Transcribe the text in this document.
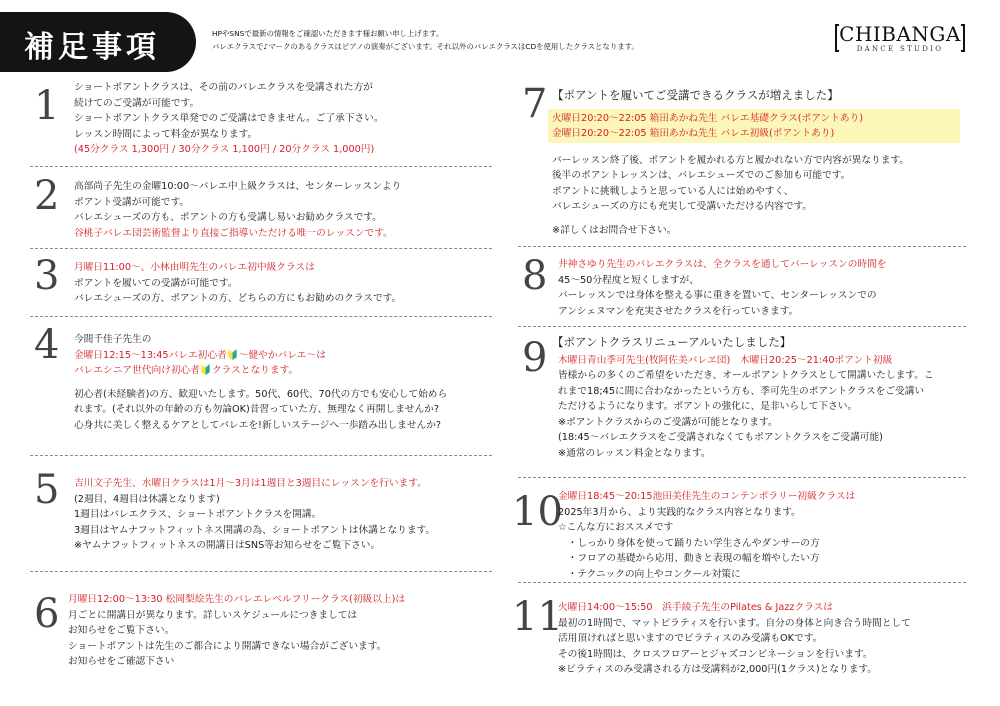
補足事項	HPやSNSで最新の情報をご確認いただきます様お願い申し上げます。
バレエクラスで♪マークのあるクラスはピアノの演奏がございます。それ以外のバレエクラスはCDを使用したクラスとなります。
CHIBANGA
DANCE STUDIO
1 ショートポアントクラスは、その前のバレエクラスを受講された方が
続けてのご受講が可能です。
ショートポアントクラス単発でのご受講はできません。ご了承下さい。
レッスン時間によって料金が異なります。
(45分クラス 1,300円 / 30分クラス 1,100円 / 20分クラス 1,000円)
2 高部尚子先生の金曜10:00～バレエ中上級クラスは、センターレッスンより
ポアント受講が可能です。
バレエシューズの方も、ポアントの方も受講し易いお勧めクラスです。
谷桃子バレエ団芸術監督より直接ご指導いただける唯一のレッスンです。
3 月曜日11:00～、小林由明先生のバレエ初中級クラスは
ポアントを履いての受講が可能です。
バレエシューズの方、ポアントの方、どちらの方にもお勧めのクラスです。
4 今間千佳子先生の
金曜日12:15～13:45バレエ初心者🔰～健やかバレエ～は
バレエシニア世代向け初心者🔰クラスとなります。
初心者(未経験者)の方、歓迎いたします。50代、60代、70代の方でも安心して始めら
れます。(それ以外の年齢の方も勿論OK)昔習っていた方、無理なく再開しませんか?
心身共に美しく整えるケアとしてバレエを!新しいステージへ一歩踏み出しませんか?
5 吉川文子先生、水曜日クラスは1月～3月は1週目と3週目にレッスンを行います。
(2週目、4週目は休講となります)
1週目はバレエクラス、ショートポアントクラスを開講。
3週目はヤムナフットフィットネス開講の為、ショートポアントは休講となります。
※ヤムナフットフィットネスの開講日はSNS等お知らせをご覧下さい。
6 月曜日12:00～13:30 松岡梨絵先生のバレエレベルフリークラス(初級以上)は
月ごとに開講日が異なります。詳しいスケジュールにつきましては
お知らせをご覧下さい。
ショートポアントは先生のご都合により開講できない場合がございます。
お知らせをご確認下さい
7 【ポアントを履いてご受講できるクラスが増えました】
火曜日20:20～22:05 箱田あかね先生 バレエ基礎クラス(ポアントあり)
金曜日20:20～22:05 箱田あかね先生 バレエ初級(ポアントあり)
バーレッスン終了後、ポアントを履かれる方と履かれない方で内容が異なります。
後半のポアントレッスンは、バレエシューズでのご参加も可能です。
ポアントに挑戦しようと思っている人には始めやすく、
バレエシューズの方にも充実して受講いただける内容です。
※詳しくはお問合せ下さい。
8 井神さゆり先生のバレエクラスは、全クラスを通してバーレッスンの時間を
45～50分程度と短くしますが、
バーレッスンでは身体を整える事に重きを置いて、センターレッスンでの
アンシェヌマンを充実させたクラスを行っていきます。
9 【ポアントクラスリニューアルいたしました】
木曜日青山季可先生(牧阿佐美バレヱ団)　木曜日20:25～21:40ポアント初級
皆様からの多くのご希望をいただき、オールポアントクラスとして開講いたします。こ
れまで18;45に間に合わなかったという方も、季可先生のポアントクラスをご受講い
ただけるようになります。ポアントの強化に、是非いらして下さい。
※ポアントクラスからのご受講が可能となります。
(18:45～バレエクラスをご受講されなくてもポアントクラスをご受講可能)
※通常のレッスン料金となります。
10
金曜日18:45～20:15池田美佳先生のコンテンポラリー初級クラスは
2025年3月から、より実践的なクラス内容となります。
☆こんな方におススメです
　・しっかり身体を使って踊りたい学生さんやダンサーの方
　・フロアの基礎から応用、動きと表現の幅を増やしたい方
　・テクニックの向上やコンクール対策に
11
火曜日14:00～15:50　浜手綾子先生のPilates & Jazzクラスは
最初の1時間で、マットピラティスを行います。自分の身体と向き合う時間として
活用頂ければと思いますのでピラティスのみ受講もOKです。
その後1時間は、クロスフロアーとジャズコンビネーションを行います。
※ピラティスのみ受講される方は受講料が2,000円(1クラス)となります。
